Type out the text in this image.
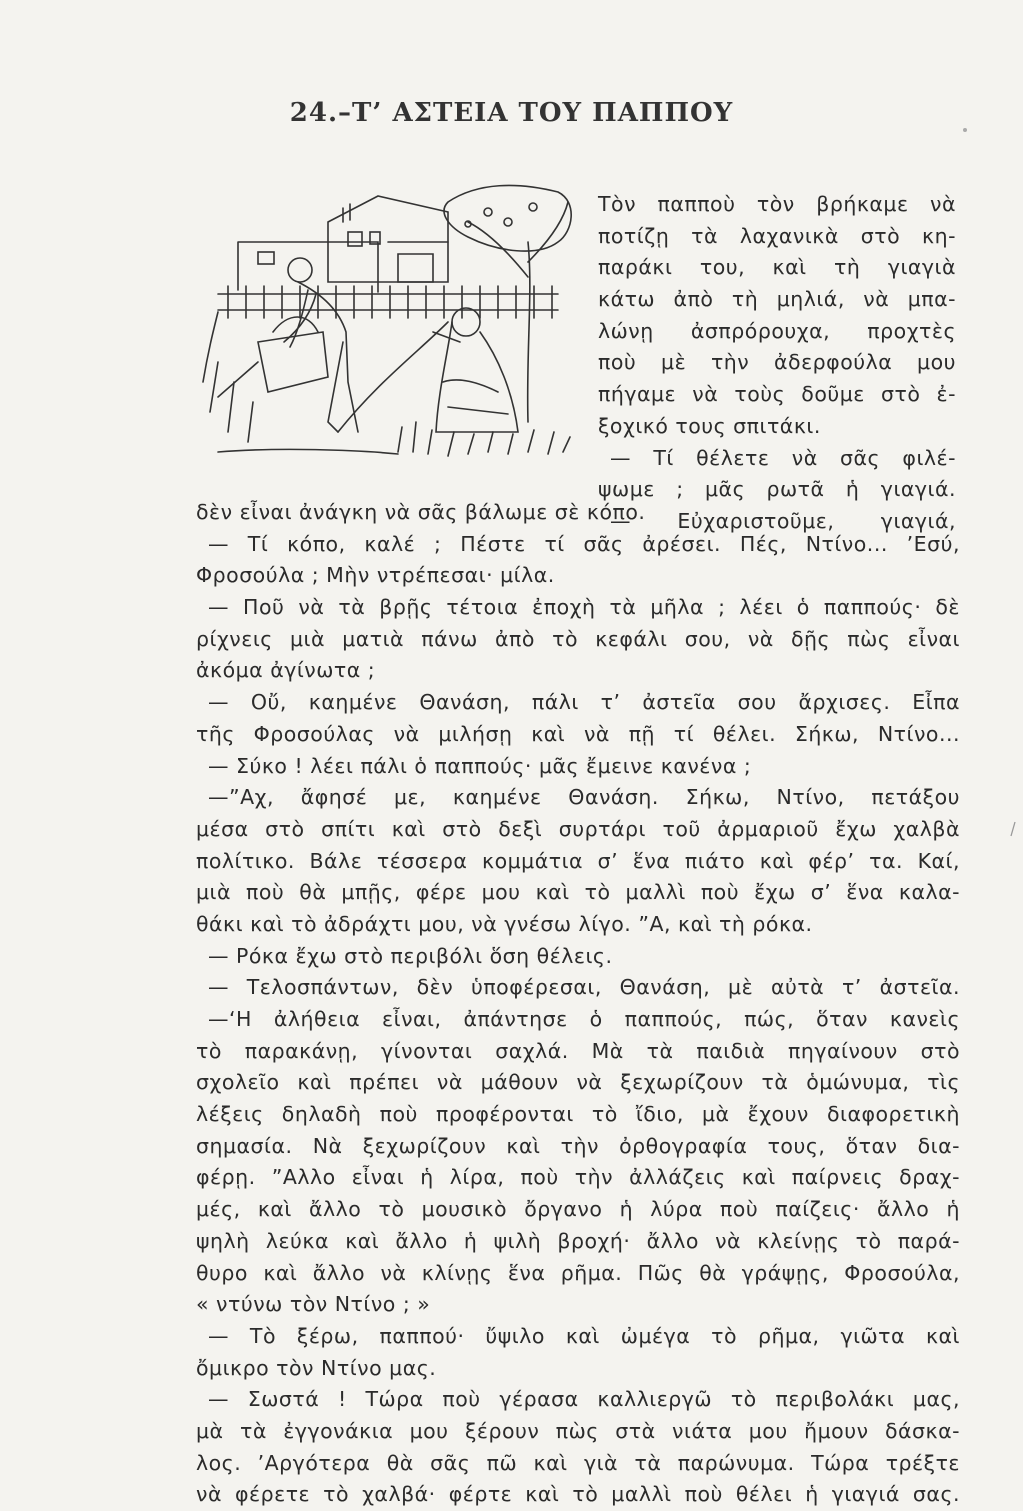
24.–Τ’ ΑΣΤΕΙΑ ΤΟΥ ΠΑΠΠΟΥ
Τὸν παπποὺ τὸν βρήκαμε νὰ
ποτίζῃ τὰ λαχανικὰ στὸ κη-
παράκι του, καὶ τὴ γιαγιὰ
κάτω ἀπὸ τὴ μηλιά, νὰ μπα-
λώνῃ ἀσπρόρουχα, προχτὲς
ποὺ μὲ τὴν ἀδερφούλα μου
πήγαμε νὰ τοὺς δοῦμε στὸ ἐ-
ξοχικό τους σπιτάκι.
— Τί θέλετε νὰ σᾶς φιλέ-
ψωμε ; μᾶς ρωτᾶ ἡ γιαγιά.
— Εὐχαριστοῦμε, γιαγιά,
δὲν εἶναι ἀνάγκη νὰ σᾶς βάλωμε σὲ κόπο.
— Τί κόπο, καλέ ; Πέστε τί σᾶς ἀρέσει. Πές, Ντίνο... ’Εσύ,
Φροσούλα ; Μὴν ντρέπεσαι· μίλα.
— Ποῦ νὰ τὰ βρῇς τέτοια ἐποχὴ τὰ μῆλα ; λέει ὁ παππούς· δὲ
ρίχνεις μιὰ ματιὰ πάνω ἀπὸ τὸ κεφάλι σου, νὰ δῇς πὼς εἶναι
ἀκόμα ἀγίνωτα ;
— Οὔ, καημένε Θανάση, πάλι τ’ ἀστεῖα σου ἄρχισες. Εἶπα
τῆς Φροσούλας νὰ μιλήσῃ καὶ νὰ πῇ τί θέλει. Σήκω, Ντίνο...
— Σύκο ! λέει πάλι ὁ παππούς· μᾶς ἔμεινε κανένα ;
—”Αχ, ἄφησέ με, καημένε Θανάση. Σήκω, Ντίνο, πετάξου
μέσα στὸ σπίτι καὶ στὸ δεξὶ συρτάρι τοῦ ἀρμαριοῦ ἔχω χαλβὰ
πολίτικο. Βάλε τέσσερα κομμάτια σ’ ἕνα πιάτο καὶ φέρ’ τα. Καί,
μιὰ ποὺ θὰ μπῇς, φέρε μου καὶ τὸ μαλλὶ ποὺ ἔχω σ’ ἕνα καλα-
θάκι καὶ τὸ ἀδράχτι μου, νὰ γνέσω λίγο. ”Α, καὶ τὴ ρόκα.
— Ρόκα ἔχω στὸ περιβόλι ὅση θέλεις.
— Τελοσπάντων, δὲν ὑποφέρεσαι, Θανάση, μὲ αὐτὰ τ’ ἀστεῖα.
—‘Η ἀλήθεια εἶναι, ἀπάντησε ὁ παππούς, πώς, ὅταν κανεὶς
τὸ παρακάνῃ, γίνονται σαχλά. Μὰ τὰ παιδιὰ πηγαίνουν στὸ
σχολεῖο καὶ πρέπει νὰ μάθουν νὰ ξεχωρίζουν τὰ ὁμώνυμα, τὶς
λέξεις δηλαδὴ ποὺ προφέρονται τὸ ἴδιο, μὰ ἔχουν διαφορετικὴ
σημασία. Νὰ ξεχωρίζουν καὶ τὴν ὀρθογραφία τους, ὅταν δια-
φέρῃ. ”Αλλο εἶναι ἡ λίρα, ποὺ τὴν ἀλλάζεις καὶ παίρνεις δραχ-
μές, καὶ ἄλλο τὸ μουσικὸ ὄργανο ἡ λύρα ποὺ παίζεις· ἄλλο ἡ
ψηλὴ λεύκα καὶ ἄλλο ἡ ψιλὴ βροχή· ἄλλο νὰ κλείνῃς τὸ παρά-
θυρο καὶ ἄλλο νὰ κλίνῃς ἕνα ρῆμα. Πῶς θὰ γράψῃς, Φροσούλα,
« ντύνω τὸν Ντίνο ; »
— Τὸ ξέρω, παππού· ὔψιλο καὶ ὠμέγα τὸ ρῆμα, γιῶτα καὶ
ὄμικρο τὸν Ντίνο μας.
— Σωστά ! Τώρα ποὺ γέρασα καλλιεργῶ τὸ περιβολάκι μας,
μὰ τὰ ἐγγονάκια μου ξέρουν πὼς στὰ νιάτα μου ἤμουν δάσκα-
λος. ’Αργότερα θὰ σᾶς πῶ καὶ γιὰ τὰ παρώνυμα. Τώρα τρέξτε
νὰ φέρετε τὸ χαλβά· φέρτε καὶ τὸ μαλλὶ ποὺ θέλει ἡ γιαγιά σας.
